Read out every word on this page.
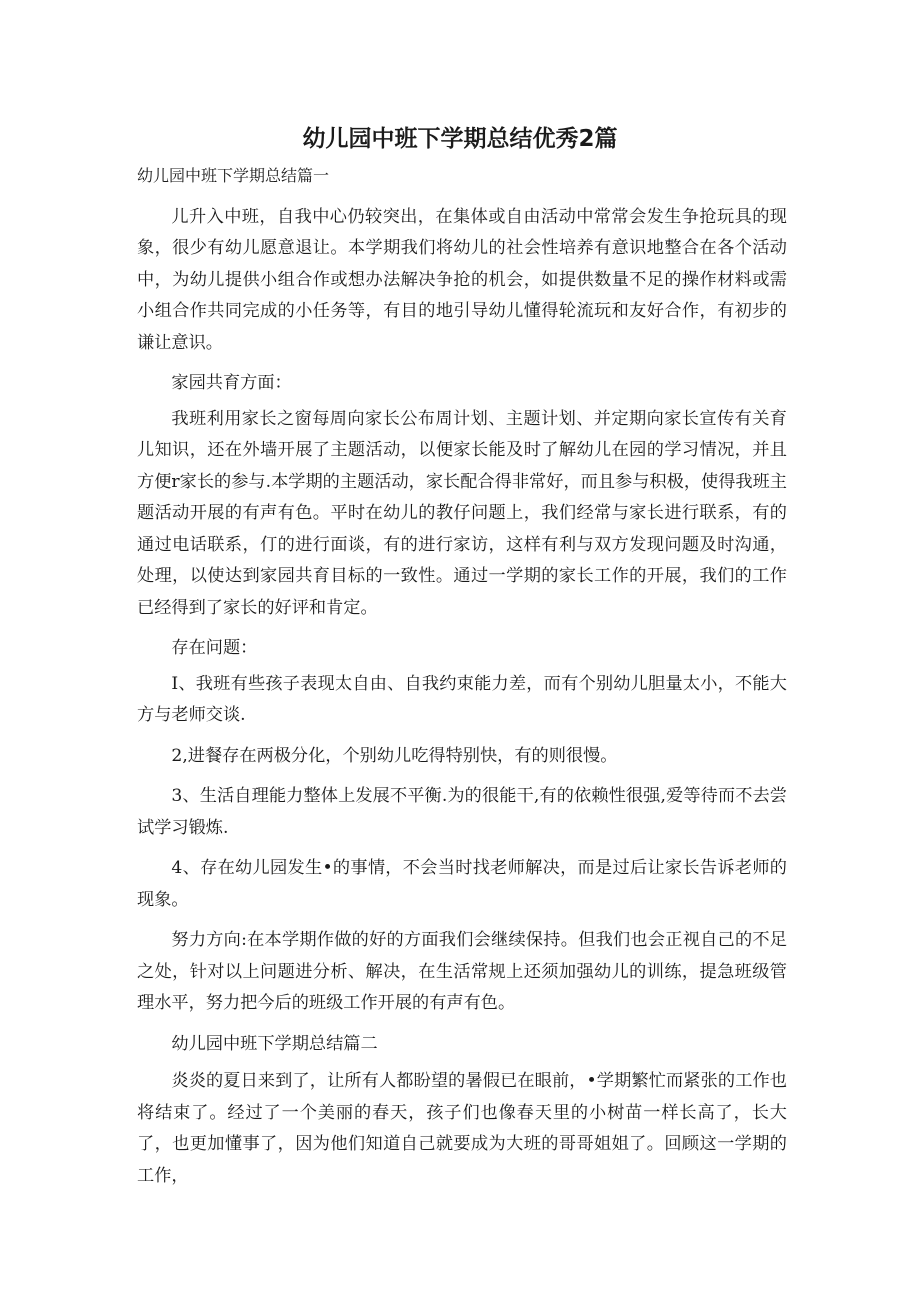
幼儿园中班下学期总结优秀2篇
幼儿园中班下学期总结篇一

儿升入中班，自我中心仍较突出，在集体或自由活动中常常会发生争抢玩具的现象，很少有幼儿愿意退让。本学期我们将幼儿的社会性培养有意识地整合在各个活动中，为幼儿提供小组合作或想办法解决争抢的机会，如提供数量不足的操作材料或需小组合作共同完成的小任务等，有目的地引导幼儿懂得轮流玩和友好合作，有初步的谦让意识。

家园共育方面：

我班利用家长之窗每周向家长公布周计划、主题计划、并定期向家长宣传有关育儿知识，还在外墙开展了主题活动，以便家长能及时了解幼儿在园的学习情况，并且方便r家长的参与.本学期的主题活动，家长配合得非常好，而且参与积极，使得我班主题活动开展的有声有色。平时在幼儿的教仔问题上，我们经常与家长进行联系，有的通过电话联系，仃的进行面谈，有的进行家访，这样有利与双方发现问题及时沟通，处理，以使达到家园共育目标的一致性。通过一学期的家长工作的开展，我们的工作已经得到了家长的好评和肯定。

存在问题：

I、我班有些孩子表现太自由、自我约束能力差，而有个别幼儿胆量太小，不能大方与老师交谈.

2,进餐存在两极分化，个别幼儿吃得特别快，有的则很慢。

3、生活自理能力整体上发展不平衡.为的很能干,有的依赖性很强,爱等待而不去尝试学习锻炼.

4、存在幼儿园发生•的事情，不会当时找老师解决，而是过后让家长告诉老师的现象。

努力方向:在本学期作做的好的方面我们会继续保持。但我们也会正视自己的不足之处，针对以上问题进分析、解决，在生活常规上还须加强幼儿的训练，提急班级管理水平，努力把今后的班级工作开展的有声有色。

幼儿园中班下学期总结篇二

炎炎的夏日来到了，让所有人都盼望的暑假已在眼前，•学期繁忙而紧张的工作也将结束了。经过了一个美丽的春天，孩子们也像春天里的小树苗一样长高了，长大了，也更加懂事了，因为他们知道自己就要成为大班的哥哥姐姐了。回顾这一学期的工作，
